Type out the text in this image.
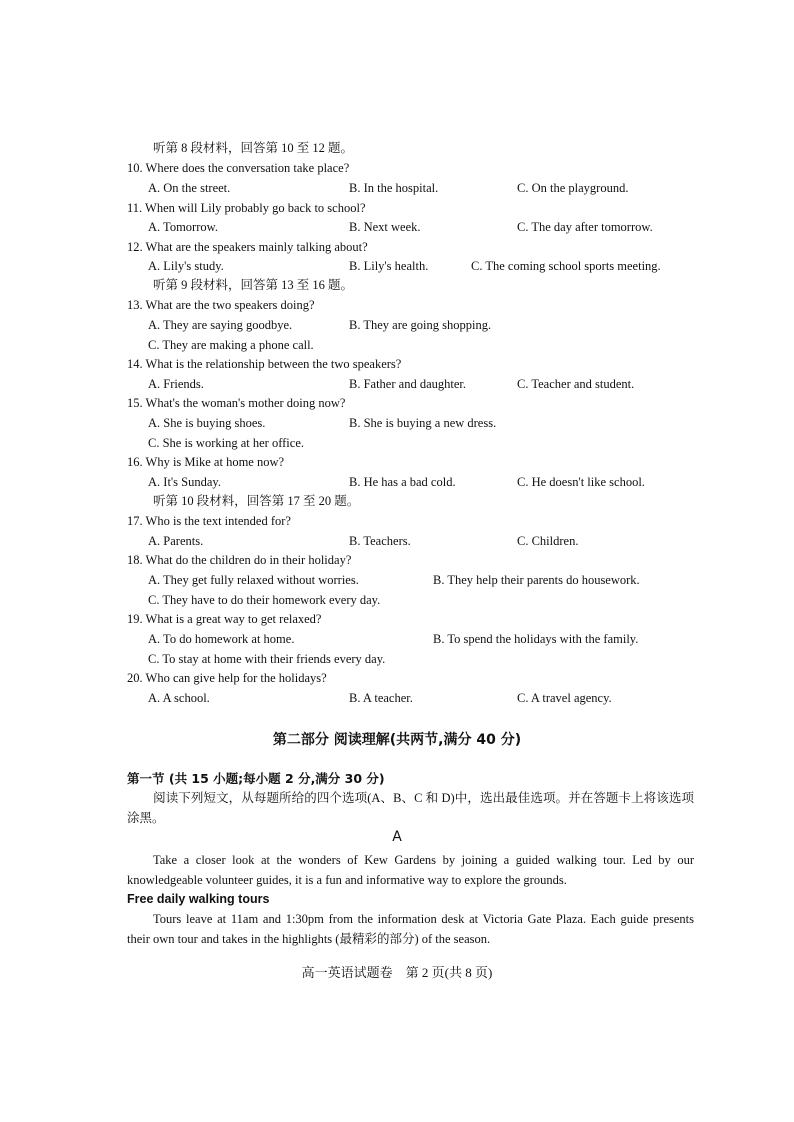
听第 8 段材料，回答第 10 至 12 题。
10. Where does the conversation take place?
A. On the street.	B. In the hospital.	C. On the playground.
11. When will Lily probably go back to school?
A. Tomorrow.	B. Next week.	C. The day after tomorrow.
12. What are the speakers mainly talking about?
A. Lily's study.	B. Lily's health.	C. The coming school sports meeting.
听第 9 段材料，回答第 13 至 16 题。
13. What are the two speakers doing?
A. They are saying goodbye.	B. They are going shopping.
C. They are making a phone call.
14. What is the relationship between the two speakers?
A. Friends.	B. Father and daughter.	C. Teacher and student.
15. What's the woman's mother doing now?
A. She is buying shoes.	B. She is buying a new dress.
C. She is working at her office.
16. Why is Mike at home now?
A. It's Sunday.	B. He has a bad cold.	C. He doesn't like school.
听第 10 段材料，回答第 17 至 20 题。
17. Who is the text intended for?
A. Parents.	B. Teachers.	C. Children.
18. What do the children do in their holiday?
A. They get fully relaxed without worries.	B. They help their parents do housework.
C. They have to do their homework every day.
19. What is a great way to get relaxed?
A. To do homework at home.	B. To spend the holidays with the family.
C. To stay at home with their friends every day.
20. Who can give help for the holidays?
A. A school.	B. A teacher.	C. A travel agency.
第二部分 阅读理解(共两节,满分 40 分)
第一节 (共 15 小题;每小题 2 分,满分 30 分)
阅读下列短文，从每题所给的四个选项(A、B、C 和 D)中，选出最佳选项。并在答题卡上将该选项涂黑。
A
Take a closer look at the wonders of Kew Gardens by joining a guided walking tour. Led by our knowledgeable volunteer guides, it is a fun and informative way to explore the grounds.
Free daily walking tours
Tours leave at 11am and 1:30pm from the information desk at Victoria Gate Plaza. Each guide presents their own tour and takes in the highlights (最精彩的部分) of the season.
高一英语试题卷　第 2 页(共 8 页)
